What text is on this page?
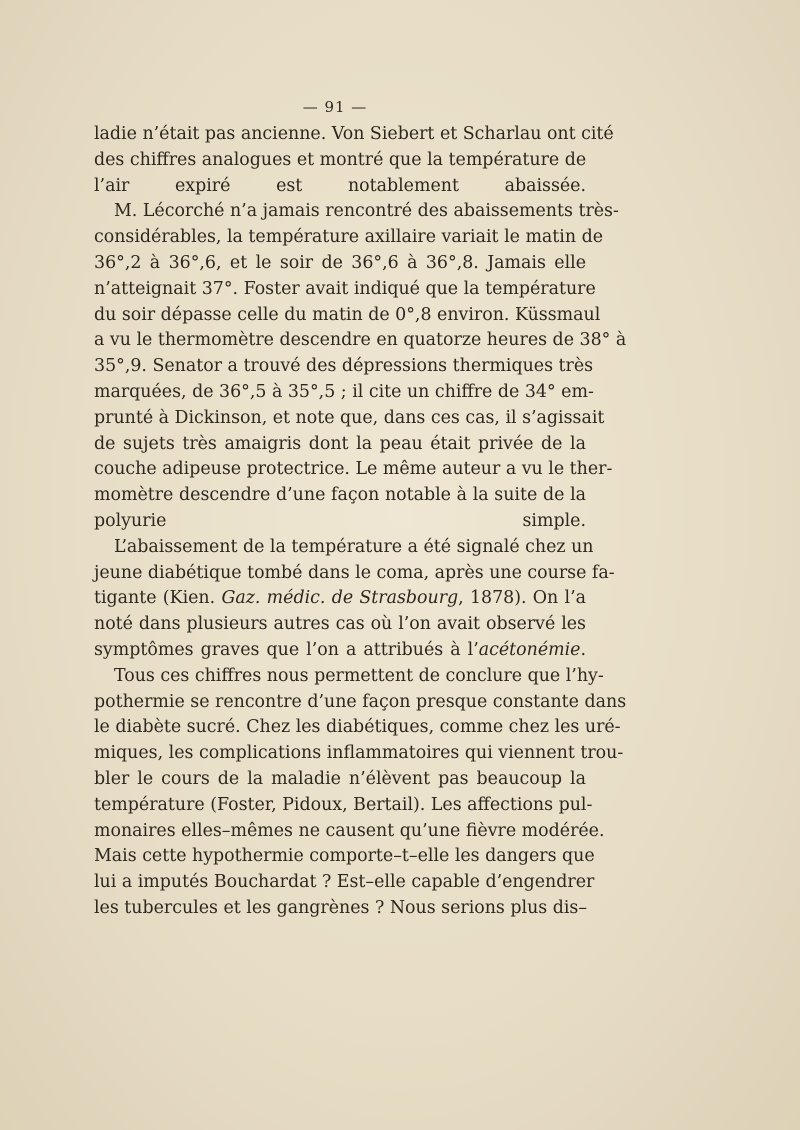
— 91 —

ladie n’était pas ancienne. Von Siebert et Scharlau ont cité
des chiffres analogues et montré que la température de
l’air expiré est notablement abaissée.

M. Lécorché n’a jamais rencontré des abaissements très-
considérables, la température axillaire variait le matin de
36°,2 à 36°,6, et le soir de 36°,6 à 36°,8. Jamais elle
n’atteignait 37°. Foster avait indiqué que la température
du soir dépasse celle du matin de 0°,8 environ. Küssmaul
a vu le thermomètre descendre en quatorze heures de 38° à
35°,9. Senator a trouvé des dépressions thermiques très
marquées, de 36°,5 à 35°,5 ; il cite un chiffre de 34° em-
prunté à Dickinson, et note que, dans ces cas, il s’agissait
de sujets très amaigris dont la peau était privée de la
couche adipeuse protectrice. Le même auteur a vu le ther-
momètre descendre d’une façon notable à la suite de la
polyurie simple.

L’abaissement de la température a été signalé chez un
jeune diabétique tombé dans le coma, après une course fa-
tigante (Kien. Gaz. médic. de Strasbourg, 1878). On l’a
noté dans plusieurs autres cas où l’on avait observé les
symptômes graves que l’on a attribués à l’acétonémie.

Tous ces chiffres nous permettent de conclure que l’hy-
pothermie se rencontre d’une façon presque constante dans
le diabète sucré. Chez les diabétiques, comme chez les uré-
miques, les complications inflammatoires qui viennent trou-
bler le cours de la maladie n’élèvent pas beaucoup la
température (Foster, Pidoux, Bertail). Les affections pul-
monaires elles–mêmes ne causent qu’une fièvre modérée.
Mais cette hypothermie comporte–t–elle les dangers que
lui a imputés Bouchardat ? Est–elle capable d’engendrer
les tubercules et les gangrènes ? Nous serions plus dis–
